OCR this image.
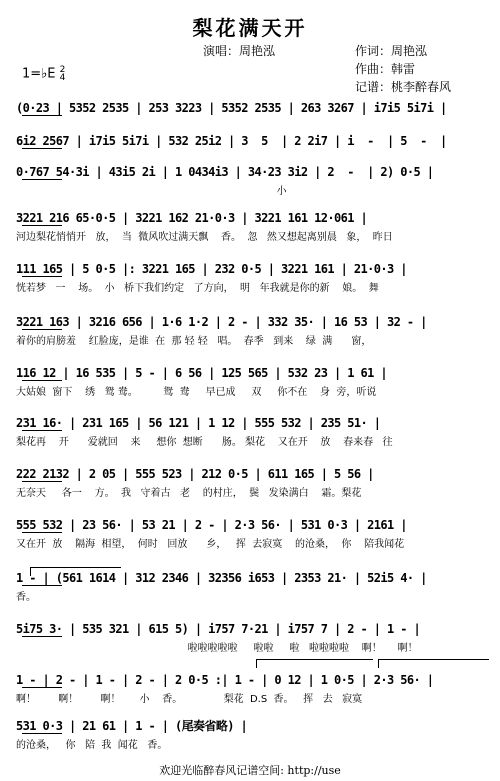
梨花满天开
演唱：周艳泓	作词：周艳泓
作曲：韩雷
记谱：桃李醉春风
1=♭E 2
4
(0·23 | 5352 2535 | 253 3223 | 5352 2535 | 263 3267 | i7i5 5i7i |
6i2 2567 | i7i5 5i7i | 532 25i2 | 3  5  | 2 2i7 | i  -  | 5  -  |
0·767 54·3i | 43i5 2i | 1 0434i3 | 34·23 3i2 | 2  -  | 2) 0·5 |
小
3221 216 65·0·5 | 3221 162 21·0·3 | 3221 161 12·061 |
河边梨花悄悄开   放，  当  微风吹过满天飘    香。  忽   然又想起离别晨   象，  昨日
111 165 | 5 0·5 |: 3221 165 | 232 0·5 | 3221 161 | 21·0·3 |
恍若梦   一    场。  小   桥下我们约定   了方向，  明   年我就是你的新    娘。  舞
3221 163 | 3216 656 | 1·6 1·2 | 2 - | 332 35· | 16 53 | 32 - |
着你的肩膀羞    红脸庞，是谁  在  那 轻 轻   唱。  春季   到来    绿  满      窗，
116 12 | 16 535 | 5 - | 6 56 | 125 565 | 532 23 | 1 61 |
大姑娘  窗下    绣   鸳 鸯。        鸳  鸯     早已成     双     你不在    身  旁，听说
231 16· | 231 165 | 56 121 | 1 12 | 555 532 | 235 51· |
梨花再    开      爱就回    来     想你  想断      肠。 梨花    又在开    放    春来春   往
222 2132 | 2 05 | 555 523 | 212 0·5 | 611 165 | 5 56 |
无奈天     各一    方。  我   守着古   老    的村庄，  鬓   发染满白    霜。梨花
555 532 | 23 56· | 53 21 | 2 - | 2·3 56· | 531 0·3 | 2161 |
又在开  放    隔海  相望，  何时   回放      乡，   挥  去寂寞    的沧桑，  你    陪我闻花
1 - | (561 1614 | 312 2346 | 32356 i653 | 2353 21· | 52i5 4· |
香。
5i75 3· | 535 321 | 615 5) | i757 7·21 | i757 7 | 2 - | 1 - |
啦啦啦啦啦     啦啦     啦   啦啦啦啦    啊！     啊！
1 - | 2 - | 1 - | 2 - | 2 0·5 :| 1 - | 0 12 | 1 0·5 | 2·3 56· |
啊！       啊！       啊！      小    香。             梨花  D.S  香。   挥   去   寂寞
531 0·3 | 21 61 | 1 - | (尾奏省略) |
的沧桑，   你   陪  我  闻花   香。
欢迎光临醉春风记谱空间: http://use
